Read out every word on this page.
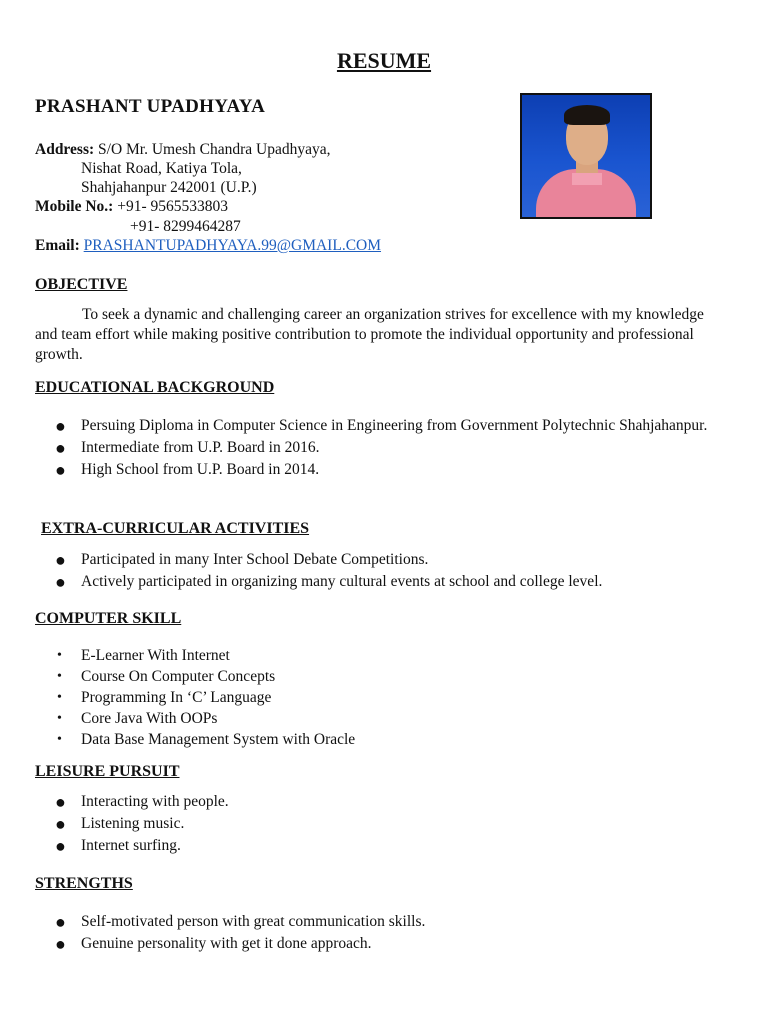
RESUME
PRASHANT UPADHYAYA
Address: S/O Mr. Umesh Chandra Upadhyaya,
Nishat Road, Katiya Tola,
Shahjahanpur 242001 (U.P.)
Mobile No.: +91- 9565533803
+91- 8299464287
Email: PRASHANTUPADHYAYA.99@GMAIL.COM
OBJECTIVE
To seek a dynamic and challenging career an organization strives for excellence with my knowledge and team effort while making positive contribution to promote the individual opportunity and professional growth.
EDUCATIONAL BACKGROUND
● Persuing Diploma in Computer Science in Engineering from Government Polytechnic Shahjahanpur.
● Intermediate from U.P. Board in 2016.
● High School from U.P. Board in 2014.
EXTRA-CURRICULAR ACTIVITIES
● Participated in many Inter School Debate Competitions.
● Actively participated in organizing many cultural events at school and college level.
COMPUTER SKILL
• E-Learner With Internet
• Course On Computer Concepts
• Programming In ‘C’ Language
• Core Java With OOPs
• Data Base Management System with Oracle
LEISURE PURSUIT
● Interacting with people.
● Listening music.
● Internet surfing.
STRENGTHS
● Self-motivated person with great communication skills.
● Genuine personality with get it done approach.
